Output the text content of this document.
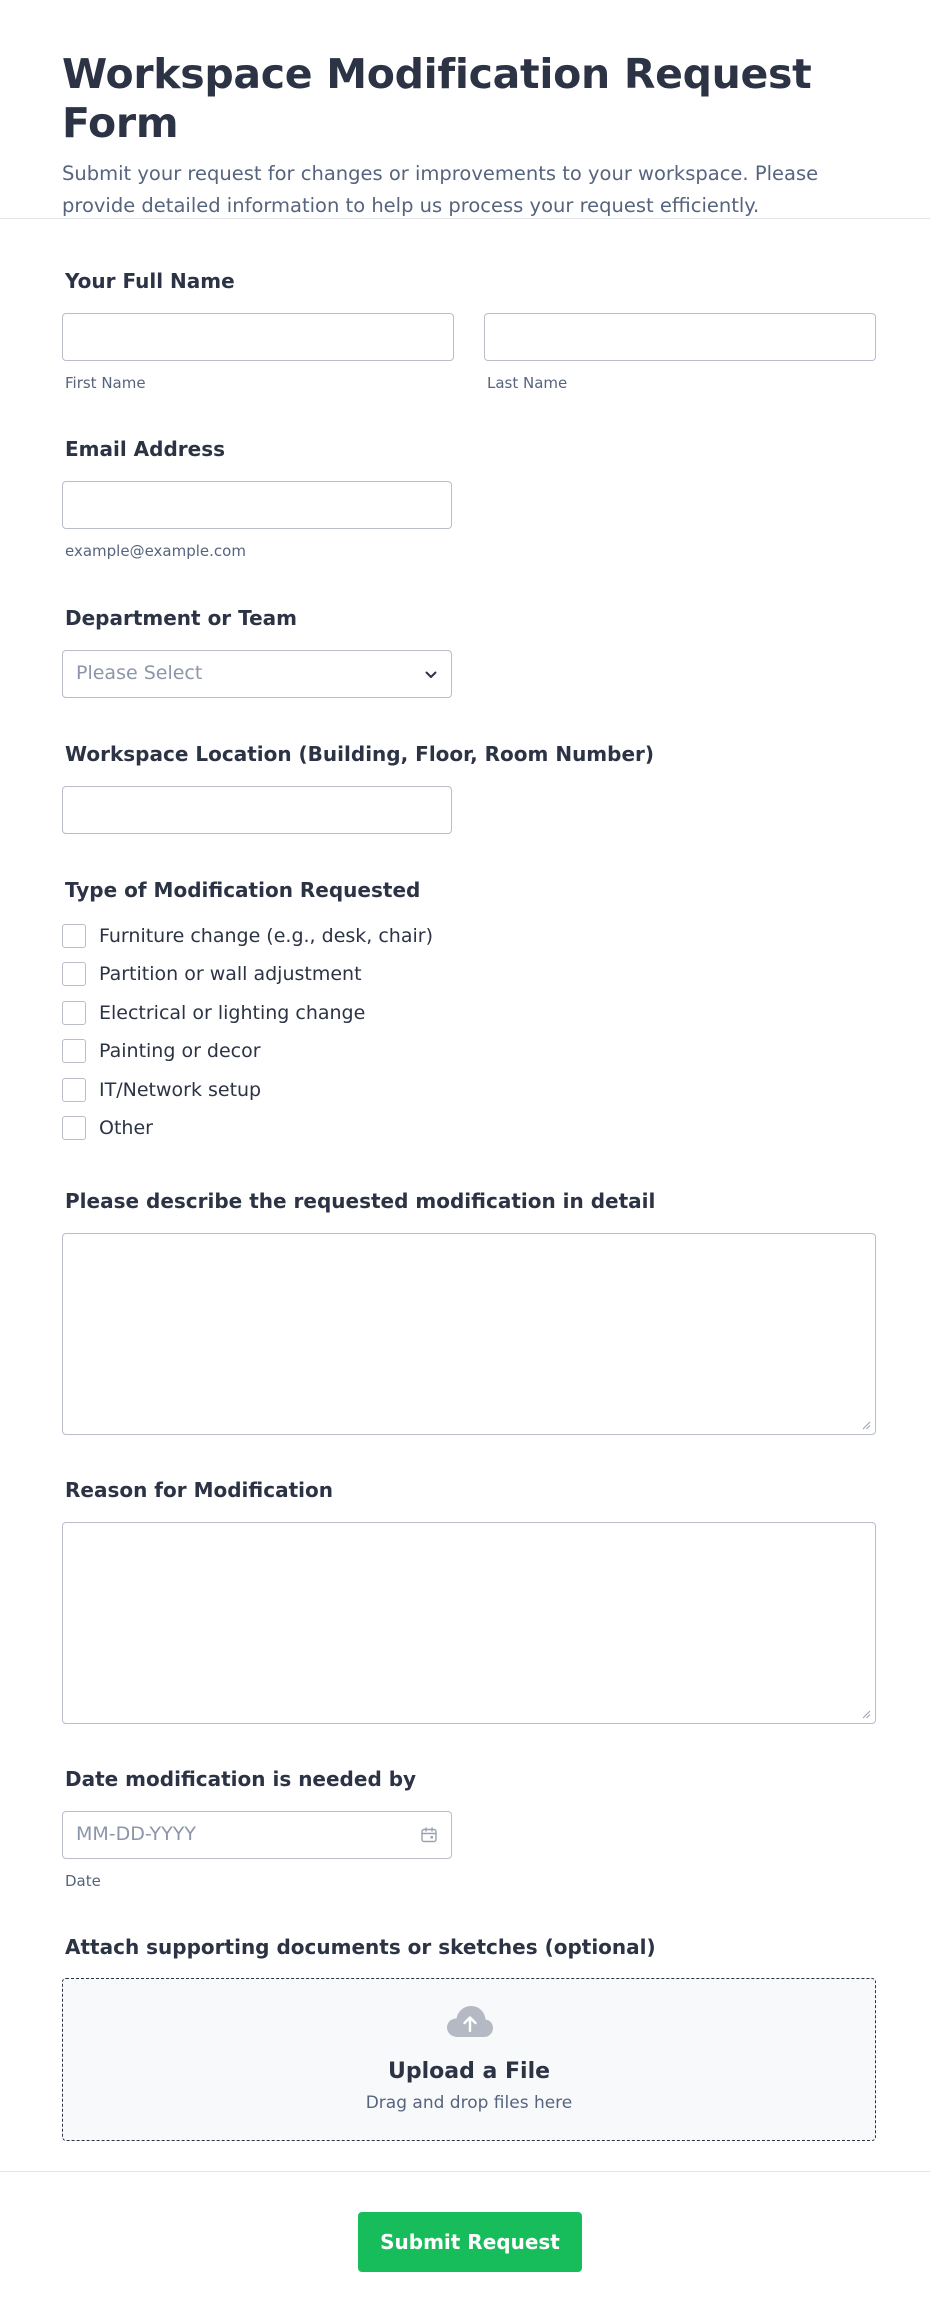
Workspace Modification Request Form
Submit your request for changes or improvements to your workspace. Please provide detailed information to help us process your request efficiently.
Your Full Name
First Name	Last Name
Email Address
example@example.com
Department or Team
Please Select
Workspace Location (Building, Floor, Room Number)
Type of Modification Requested
Furniture change (e.g., desk, chair)
Partition or wall adjustment
Electrical or lighting change
Painting or decor
IT/Network setup
Other
Please describe the requested modification in detail
Reason for Modification
Date modification is needed by
MM-DD-YYYY
Date
Attach supporting documents or sketches (optional)
Upload a File
Drag and drop files here
Submit Request
